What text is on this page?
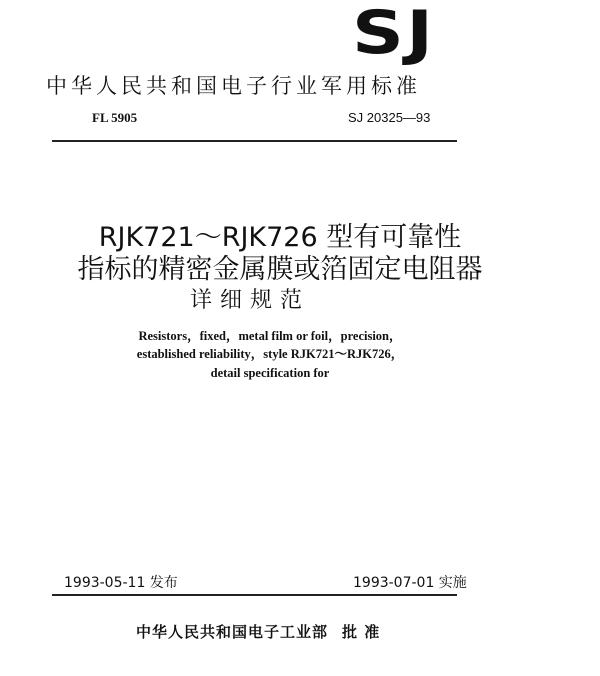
SJ
中华人民共和国电子行业军用标准
FL 5905	SJ 20325—93
RJK721～RJK726 型有可靠性
指标的精密金属膜或箔固定电阻器
详细规范
Resistors，fixed，metal film or foil，precision，
established reliability，style RJK721～RJK726，
detail specification for
1993-05-11 发布	1993-07-01 实施
中华人民共和国电子工业部 批 准
